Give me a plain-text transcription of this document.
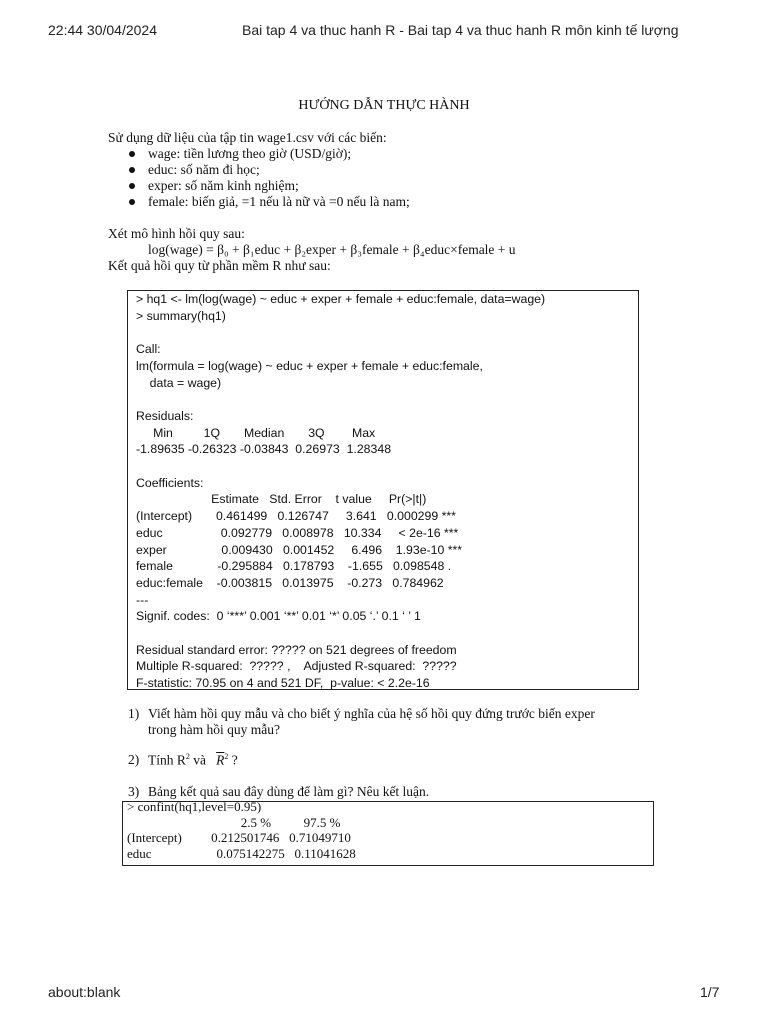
22:44 30/04/2024	Bai tap 4 va thuc hanh R - Bai tap 4 va thuc hanh R môn kinh tế lượng
HƯỚNG DẪN THỰC HÀNH
Sử dụng dữ liệu của tập tin wage1.csv với các biến:
wage: tiền lương theo giờ (USD/giờ);
educ: số năm đi học;
exper: số năm kinh nghiệm;
female: biến giả, =1 nếu là nữ và =0 nếu là nam;
Xét mô hình hồi quy sau:
log(wage) = β₀ + β₁educ + β₂exper + β₃female + β₄educ×female + u
Kết quả hồi quy từ phần mềm R như sau:
> hq1 <- lm(log(wage) ~ educ + exper + female + educ:female, data=wage)
> summary(hq1)

Call:
lm(formula = log(wage) ~ educ + exper + female + educ:female,
data = wage)

Residuals:
Min         1Q       Median       3Q        Max
-1.89635 -0.26323 -0.03843  0.26973  1.28348

Coefficients:
Estimate   Std. Error    t value     Pr(>|t|)
(Intercept)       0.461499   0.126747     3.641   0.000299 ***
educ                 0.092779   0.008978   10.334     < 2e-16 ***
exper                0.009430   0.001452     6.496    1.93e-10 ***
female             -0.295884   0.178793    -1.655   0.098548 .
educ:female    -0.003815   0.013975    -0.273   0.784962
---
Signif. codes:  0 ‘***’ 0.001 ‘**’ 0.01 ‘*’ 0.05 ‘.’ 0.1 ‘ ’ 1

Residual standard error: ????? on 521 degrees of freedom
Multiple R-squared:  ????? ,    Adjusted R-squared:  ?????
F-statistic: 70.95 on 4 and 521 DF,  p-value: < 2.2e-16
1) Viết hàm hồi quy mẫu và cho biết ý nghĩa của hệ số hồi quy đứng trước biến exper
trong hàm hồi quy mẫu?
2) Tính $R^2$ và   $\overline{R}^2$ ?
3) Bảng kết quả sau đây dùng để làm gì? Nêu kết luận.
> confint(hq1,level=0.95)
2.5 %          97.5 %
(Intercept)         0.212501746   0.71049710
educ                    0.075142275   0.11041628
about:blank	1/7
